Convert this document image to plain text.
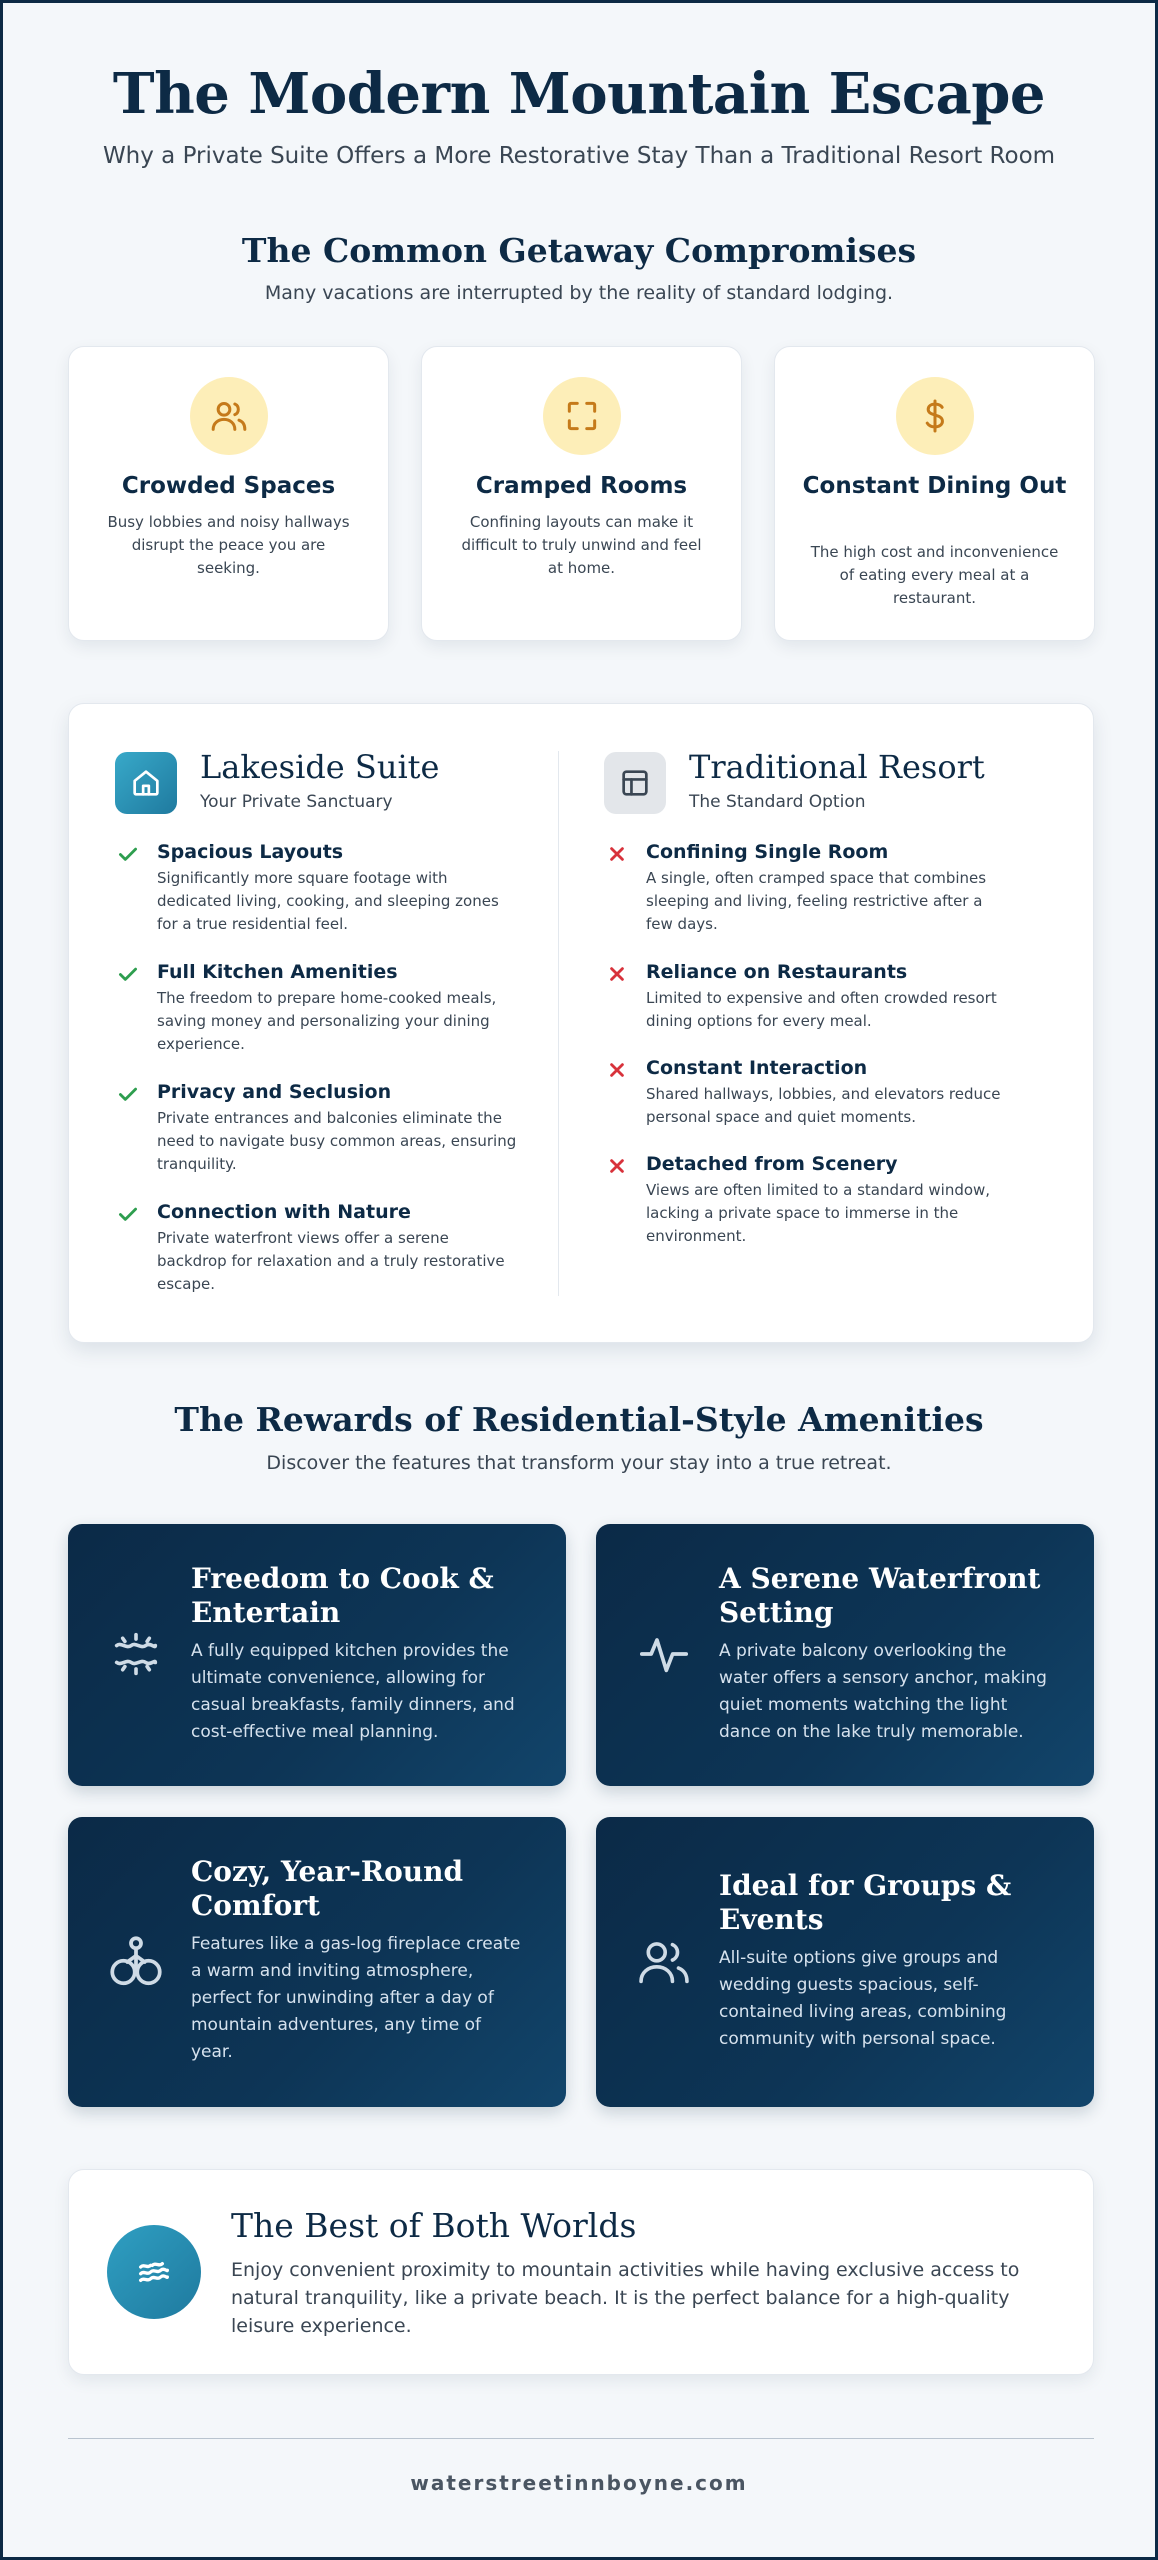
The Modern Mountain Escape

Why a Private Suite Offers a More Restorative Stay Than a Traditional Resort Room

The Common Getaway Compromises

Many vacations are interrupted by the reality of standard lodging.

Crowded Spaces
Busy lobbies and noisy hallways disrupt the peace you are seeking.
Cramped Rooms
Confining layouts can make it difficult to truly unwind and feel at home.
Constant Dining Out
The high cost and inconvenience of eating every meal at a restaurant.
Lakeside Suite
Your Private Sanctuary
Spacious Layouts
Significantly more square footage with dedicated living, cooking, and sleeping zones for a true residential feel.
Full Kitchen Amenities
The freedom to prepare home-cooked meals, saving money and personalizing your dining experience.
Privacy and Seclusion
Private entrances and balconies eliminate the need to navigate busy common areas, ensuring tranquility.
Connection with Nature
Private waterfront views offer a serene backdrop for relaxation and a truly restorative escape.
Traditional Resort
The Standard Option
Confining Single Room
A single, often cramped space that combines sleeping and living, feeling restrictive after a few days.
Reliance on Restaurants
Limited to expensive and often crowded resort dining options for every meal.
Constant Interaction
Shared hallways, lobbies, and elevators reduce personal space and quiet moments.
Detached from Scenery
Views are often limited to a standard window, lacking a private space to immerse in the environment.
The Rewards of Residential-Style Amenities

Discover the features that transform your stay into a true retreat.

Freedom to Cook & Entertain
A fully equipped kitchen provides the ultimate convenience, allowing for casual breakfasts, family dinners, and cost-effective meal planning.
A Serene Waterfront Setting
A private balcony overlooking the water offers a sensory anchor, making quiet moments watching the light dance on the lake truly memorable.
Cozy, Year-Round Comfort
Features like a gas-log fireplace create a warm and inviting atmosphere, perfect for unwinding after a day of mountain adventures, any time of year.
Ideal for Groups & Events
All-suite options give groups and wedding guests spacious, self-contained living areas, combining community with personal space.
The Best of Both Worlds
Enjoy convenient proximity to mountain activities while having exclusive access to natural tranquility, like a private beach. It is the perfect balance for a high-quality leisure experience.
waterstreetinnboyne.com
